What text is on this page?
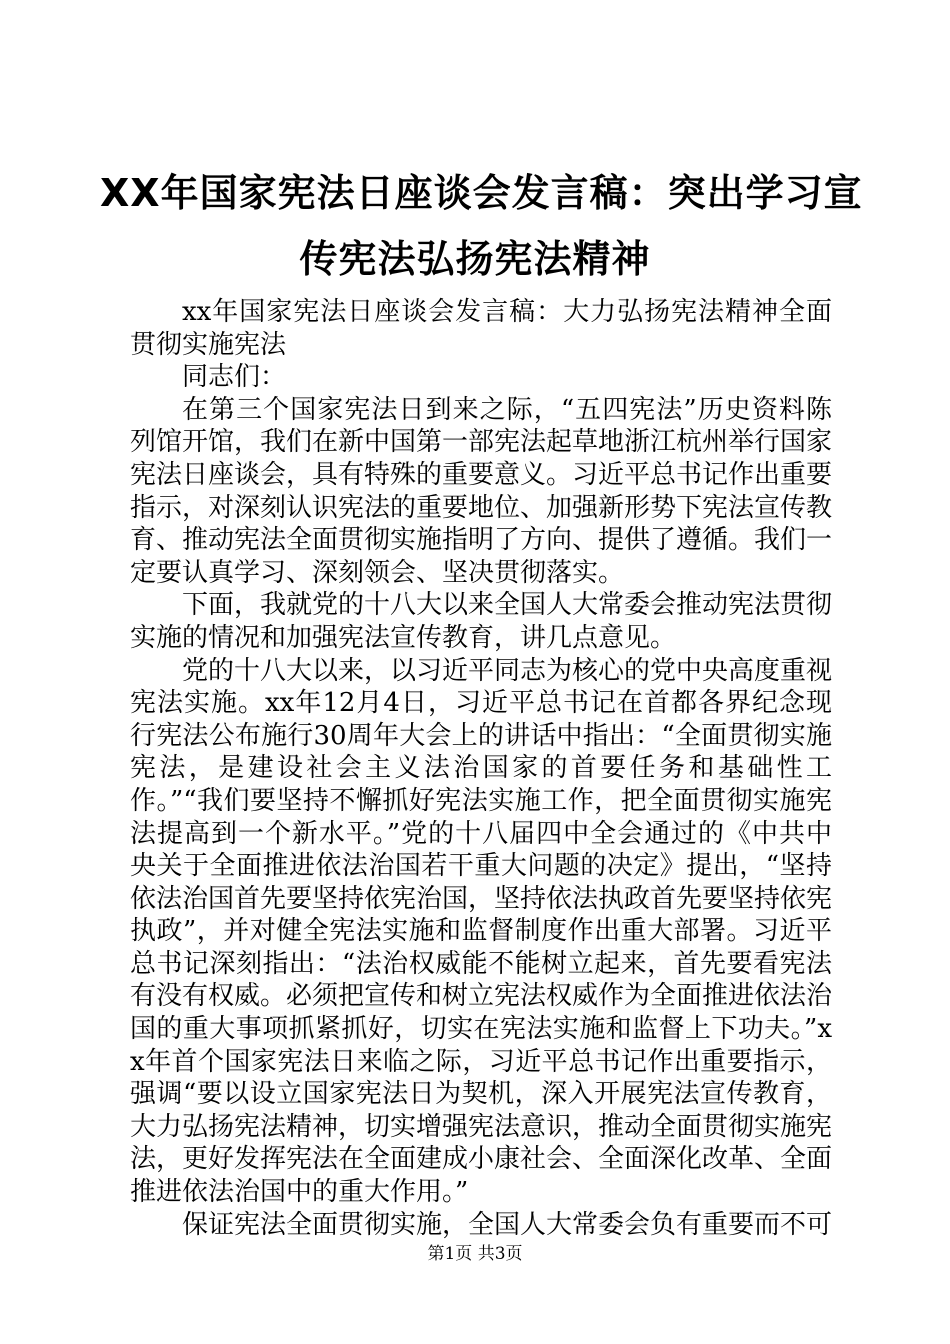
XX年国家宪法日座谈会发言稿：突出学习宣
传宪法弘扬宪法精神

xx年国家宪法日座谈会发言稿：大力弘扬宪法精神全面贯彻实施宪法

同志们：

在第三个国家宪法日到来之际，“五四宪法”历史资料陈列馆开馆，我们在新中国第一部宪法起草地浙江杭州举行国家宪法日座谈会，具有特殊的重要意义。习近平总书记作出重要指示，对深刻认识宪法的重要地位、加强新形势下宪法宣传教育、推动宪法全面贯彻实施指明了方向、提供了遵循。我们一定要认真学习、深刻领会、坚决贯彻落实。

下面，我就党的十八大以来全国人大常委会推动宪法贯彻实施的情况和加强宪法宣传教育，讲几点意见。

党的十八大以来，以习近平同志为核心的党中央高度重视宪法实施。xx年12月4日，习近平总书记在首都各界纪念现行宪法公布施行30周年大会上的讲话中指出：“全面贯彻实施宪法，是建设社会主义法治国家的首要任务和基础性工作。”“我们要坚持不懈抓好宪法实施工作，把全面贯彻实施宪法提高到一个新水平。”党的十八届四中全会通过的《中共中央关于全面推进依法治国若干重大问题的决定》提出，“坚持依法治国首先要坚持依宪治国，坚持依法执政首先要坚持依宪执政”，并对健全宪法实施和监督制度作出重大部署。习近平总书记深刻指出：“法治权威能不能树立起来，首先要看宪法有没有权威。必须把宣传和树立宪法权威作为全面推进依法治国的重大事项抓紧抓好，切实在宪法实施和监督上下功夫。”xx年首个国家宪法日来临之际，习近平总书记作出重要指示，强调“要以设立国家宪法日为契机，深入开展宪法宣传教育，大力弘扬宪法精神，切实增强宪法意识，推动全面贯彻实施宪法，更好发挥宪法在全面建成小康社会、全面深化改革、全面推进依法治国中的重大作用。”

保证宪法全面贯彻实施，全国人大常委会负有重要而不可

第1页 共3页
